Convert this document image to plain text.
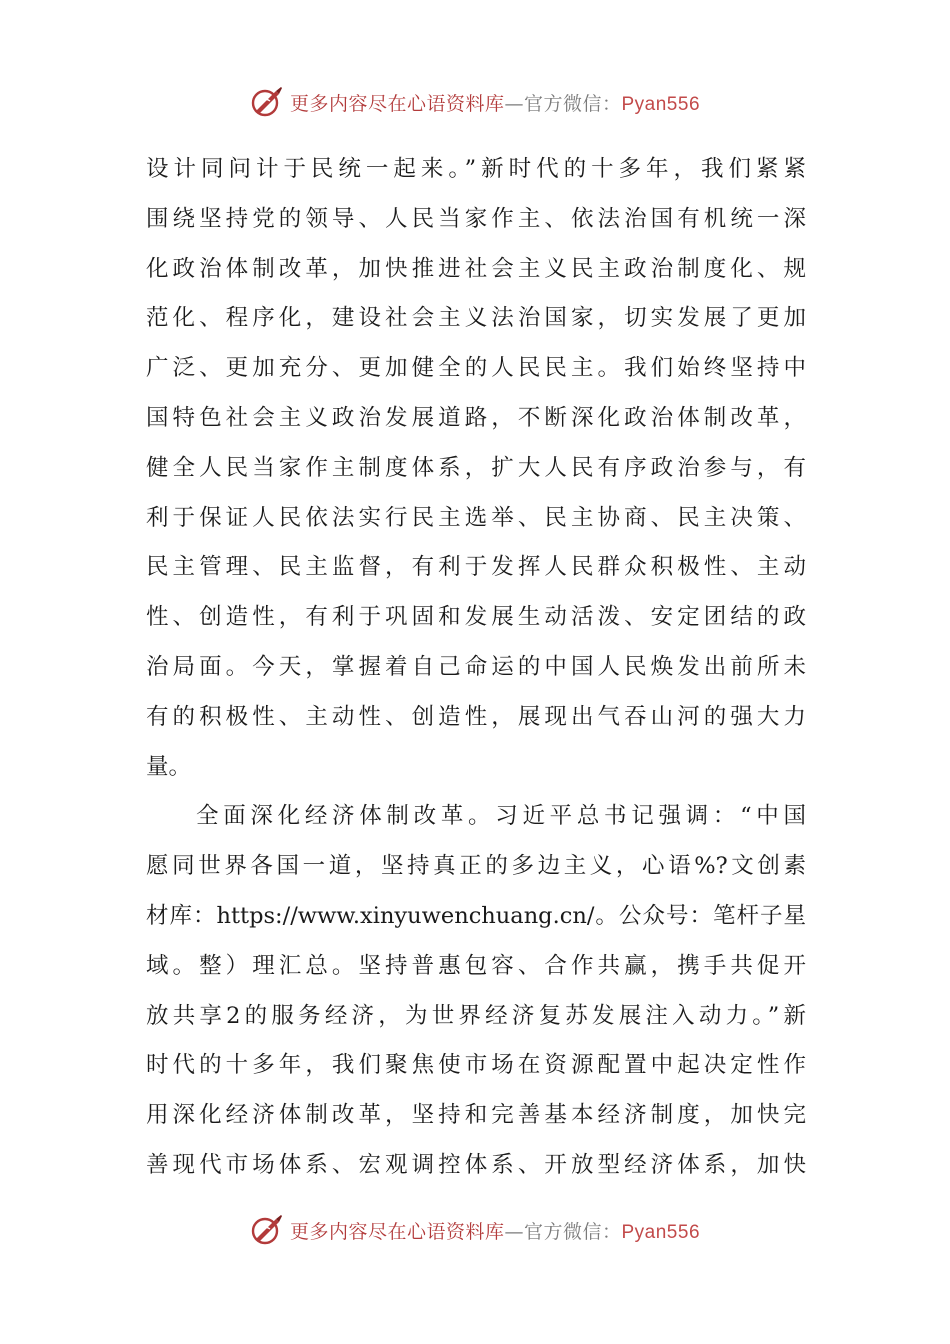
更多内容尽在心语资料库—官方微信：Pyan556
设计同问计于民统一起来。”新时代的十多年，我们紧紧
围绕坚持党的领导、人民当家作主、依法治国有机统一深
化政治体制改革，加快推进社会主义民主政治制度化、规
范化、程序化，建设社会主义法治国家，切实发展了更加
广泛、更加充分、更加健全的人民民主。我们始终坚持中
国特色社会主义政治发展道路，不断深化政治体制改革，
健全人民当家作主制度体系，扩大人民有序政治参与，有
利于保证人民依法实行民主选举、民主协商、民主决策、
民主管理、民主监督，有利于发挥人民群众积极性、主动
性、创造性，有利于巩固和发展生动活泼、安定团结的政
治局面。今天，掌握着自己命运的中国人民焕发出前所未
有的积极性、主动性、创造性，展现出气吞山河的强大力
量。
全面深化经济体制改革。习近平总书记强调：“中国
愿同世界各国一道，坚持真正的多边主义，心语%?文创素
材库：https://www.xinyuwenchuang.cn/。公众号：笔杆子星
域。整）理汇总。坚持普惠包容、合作共赢，携手共促开
放共享2的服务经济，为世界经济复苏发展注入动力。”新
时代的十多年，我们聚焦使市场在资源配置中起决定性作
用深化经济体制改革，坚持和完善基本经济制度，加快完
善现代市场体系、宏观调控体系、开放型经济体系，加快
更多内容尽在心语资料库—官方微信：Pyan556
